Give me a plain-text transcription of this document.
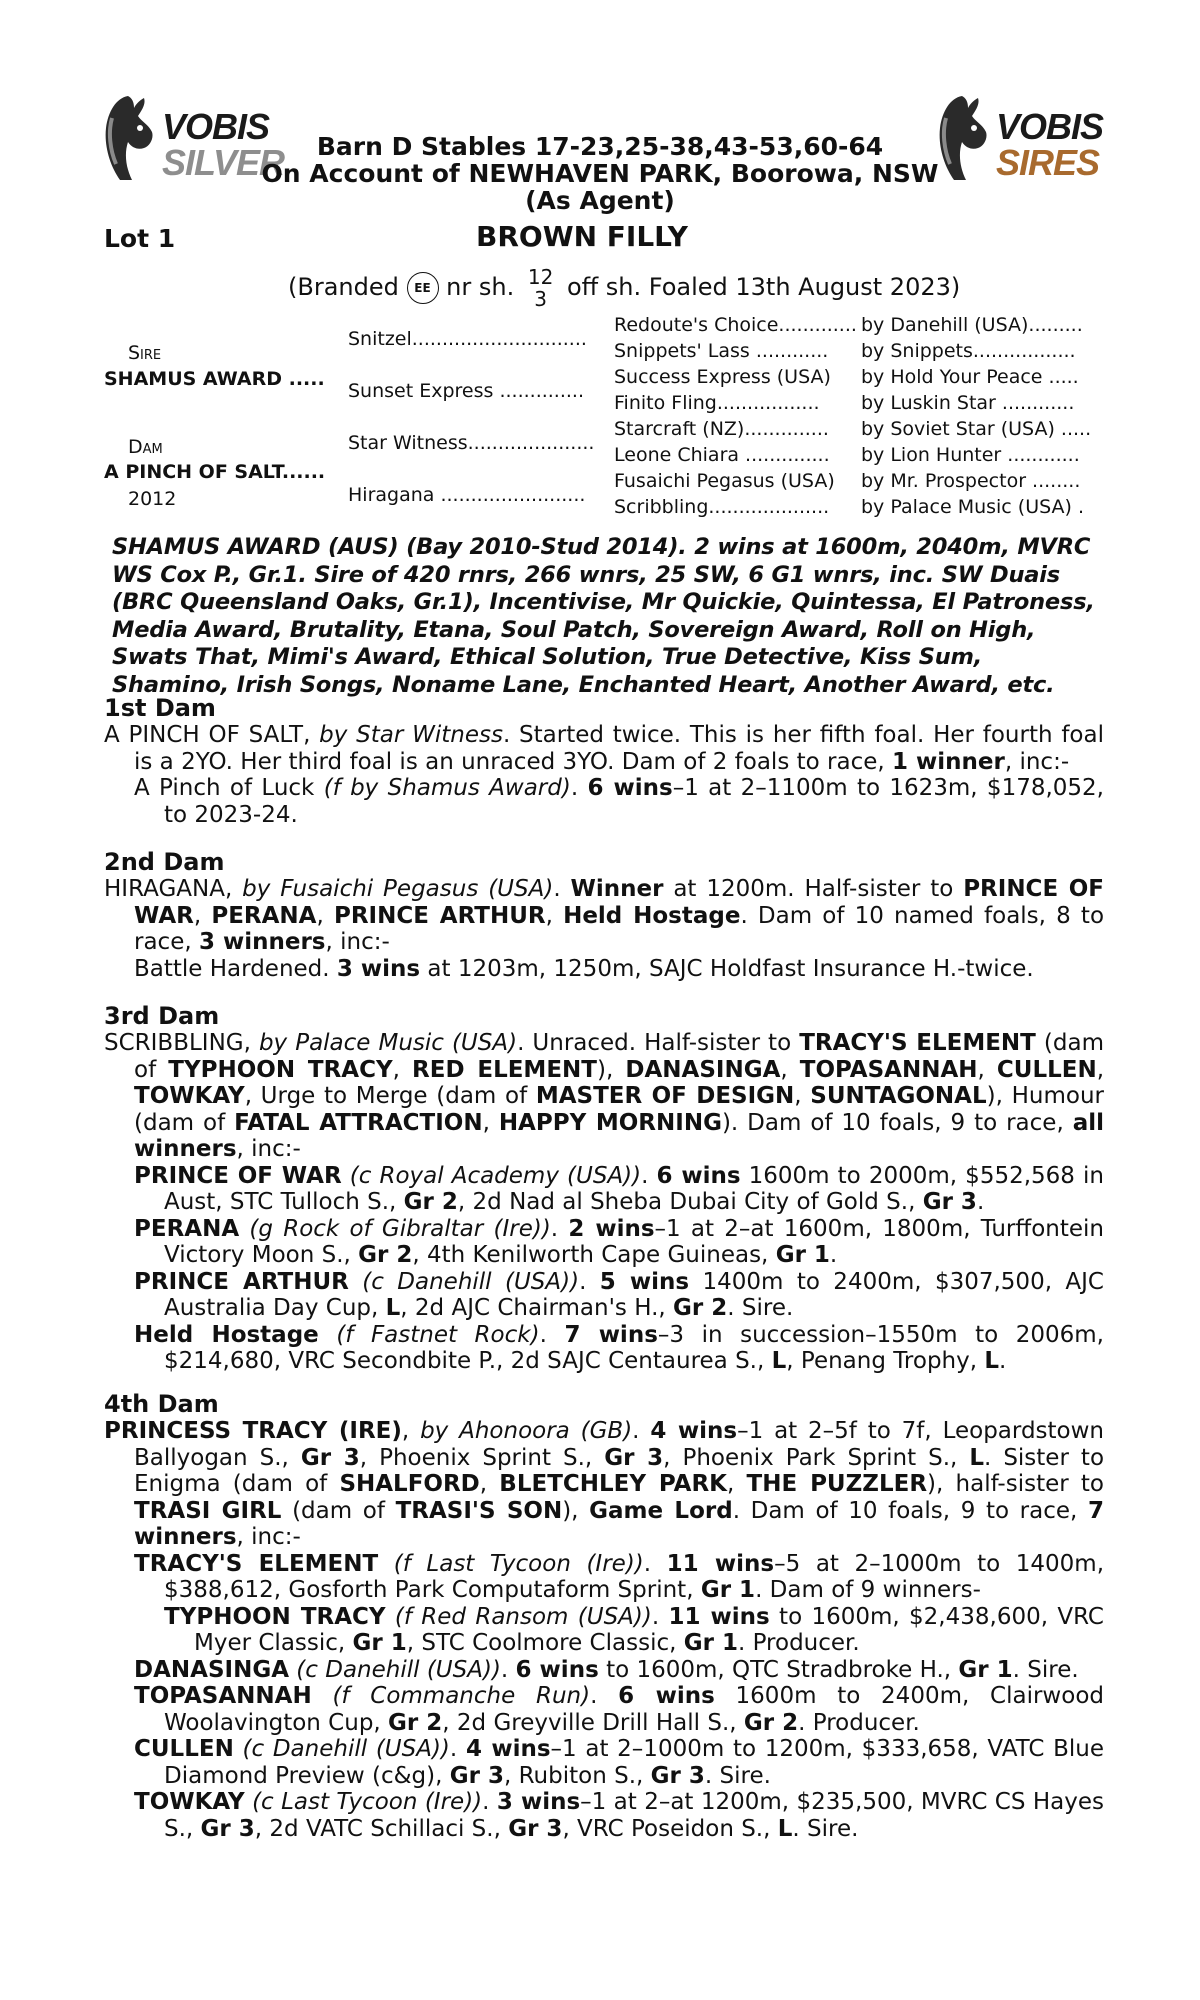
VOBIS
SILVER
VOBIS
SIRES
Barn D Stables 17-23,25-38,43-53,60-64
On Account of NEWHAVEN PARK, Boorowa, NSW
(As Agent)
Lot 1	BROWN FILLY
(Branded EE nr sh. 12
3 off sh. Foaled 13th August 2023)
Sire
SHAMUS AWARD .....
Dam
A PINCH OF SALT......
2012
Snitzel.............................
Sunset Express ..............
Star Witness.....................
Hiragana ........................
Redoute's Choice............. by Danehill (USA).........
Snippets' Lass ............ by Snippets.................
Success Express (USA) by Hold Your Peace .....
Finito Fling................. by Luskin Star ............
Starcraft (NZ).............. by Soviet Star (USA) .....
Leone Chiara .............. by Lion Hunter ............
Fusaichi Pegasus (USA) by Mr. Prospector ........
Scribbling.................... by Palace Music (USA) .
SHAMUS AWARD (AUS) (Bay 2010-Stud 2014). 2 wins at 1600m, 2040m, MVRC WS Cox P., Gr.1. Sire of 420 rnrs, 266 wnrs, 25 SW, 6 G1 wnrs, inc. SW Duais (BRC Queensland Oaks, Gr.1), Incentivise, Mr Quickie, Quintessa, El Patroness, Media Award, Brutality, Etana, Soul Patch, Sovereign Award, Roll on High, Swats That, Mimi's Award, Ethical Solution, True Detective, Kiss Sum, Shamino, Irish Songs, Noname Lane, Enchanted Heart, Another Award, etc.
1st Dam

A PINCH OF SALT, by Star Witness. Started twice. This is her fifth foal. Her fourth foal is a 2YO. Her third foal is an unraced 3YO. Dam of 2 foals to race, 1 winner, inc:-

A Pinch of Luck (f by Shamus Award). 6 wins–1 at 2–1100m to 1623m, $178,052, to 2023-24.

2nd Dam

HIRAGANA, by Fusaichi Pegasus (USA). Winner at 1200m. Half-sister to PRINCE OF WAR, PERANA, PRINCE ARTHUR, Held Hostage. Dam of 10 named foals, 8 to race, 3 winners, inc:-

Battle Hardened. 3 wins at 1203m, 1250m, SAJC Holdfast Insurance H.-twice.

3rd Dam

SCRIBBLING, by Palace Music (USA). Unraced. Half-sister to TRACY'S ELEMENT (dam of TYPHOON TRACY, RED ELEMENT), DANASINGA, TOPASANNAH, CULLEN, TOWKAY, Urge to Merge (dam of MASTER OF DESIGN, SUNTAGONAL), Humour (dam of FATAL ATTRACTION, HAPPY MORNING). Dam of 10 foals, 9 to race, all winners, inc:-

PRINCE OF WAR (c Royal Academy (USA)). 6 wins 1600m to 2000m, $552,568 in Aust, STC Tulloch S., Gr 2, 2d Nad al Sheba Dubai City of Gold S., Gr 3.

PERANA (g Rock of Gibraltar (Ire)). 2 wins–1 at 2–at 1600m, 1800m, Turffontein Victory Moon S., Gr 2, 4th Kenilworth Cape Guineas, Gr 1.

PRINCE ARTHUR (c Danehill (USA)). 5 wins 1400m to 2400m, $307,500, AJC Australia Day Cup, L, 2d AJC Chairman's H., Gr 2. Sire.

Held Hostage (f Fastnet Rock). 7 wins–3 in succession–1550m to 2006m, $214,680, VRC Secondbite P., 2d SAJC Centaurea S., L, Penang Trophy, L.

4th Dam

PRINCESS TRACY (IRE), by Ahonoora (GB). 4 wins–1 at 2–5f to 7f, Leopardstown Ballyogan S., Gr 3, Phoenix Sprint S., Gr 3, Phoenix Park Sprint S., L. Sister to Enigma (dam of SHALFORD, BLETCHLEY PARK, THE PUZZLER), half-sister to TRASI GIRL (dam of TRASI'S SON), Game Lord. Dam of 10 foals, 9 to race, 7 winners, inc:-

TRACY'S ELEMENT (f Last Tycoon (Ire)). 11 wins–5 at 2–1000m to 1400m, $388,612, Gosforth Park Computaform Sprint, Gr 1. Dam of 9 winners-

TYPHOON TRACY (f Red Ransom (USA)). 11 wins to 1600m, $2,438,600, VRC Myer Classic, Gr 1, STC Coolmore Classic, Gr 1. Producer.

DANASINGA (c Danehill (USA)). 6 wins to 1600m, QTC Stradbroke H., Gr 1. Sire.

TOPASANNAH (f Commanche Run). 6 wins 1600m to 2400m, Clairwood Woolavington Cup, Gr 2, 2d Greyville Drill Hall S., Gr 2. Producer.

CULLEN (c Danehill (USA)). 4 wins–1 at 2–1000m to 1200m, $333,658, VATC Blue Diamond Preview (c&g), Gr 3, Rubiton S., Gr 3. Sire.

TOWKAY (c Last Tycoon (Ire)). 3 wins–1 at 2–at 1200m, $235,500, MVRC CS Hayes S., Gr 3, 2d VATC Schillaci S., Gr 3, VRC Poseidon S., L. Sire.
